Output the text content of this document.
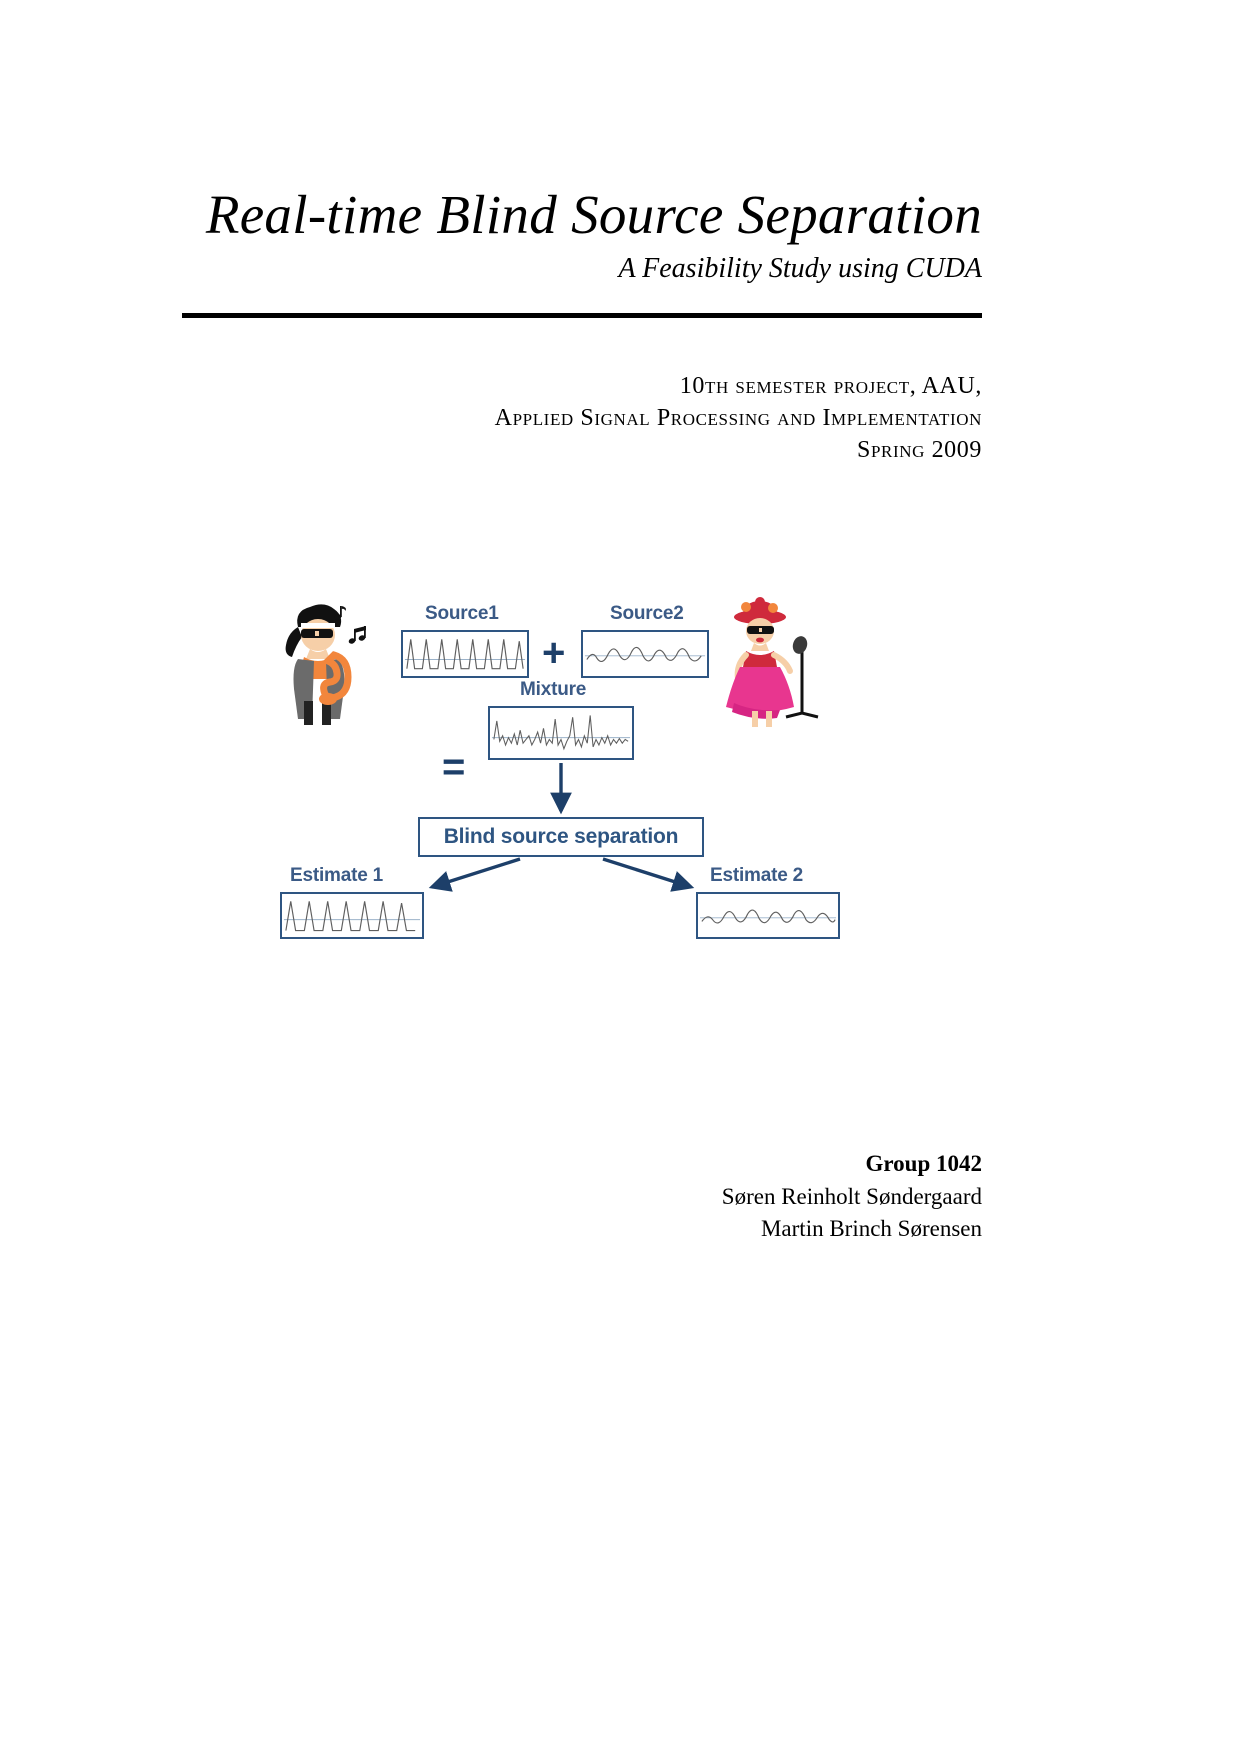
Real-time Blind Source Separation
A Feasibility Study using CUDA
10th semester project, AAU,
Applied Signal Processing and Implementation
Spring 2009
Source1
+
Source2
=
Mixture
Blind source separation
Estimate 1	Estimate 2
Group 1042
Søren Reinholt Søndergaard
Martin Brinch Sørensen
